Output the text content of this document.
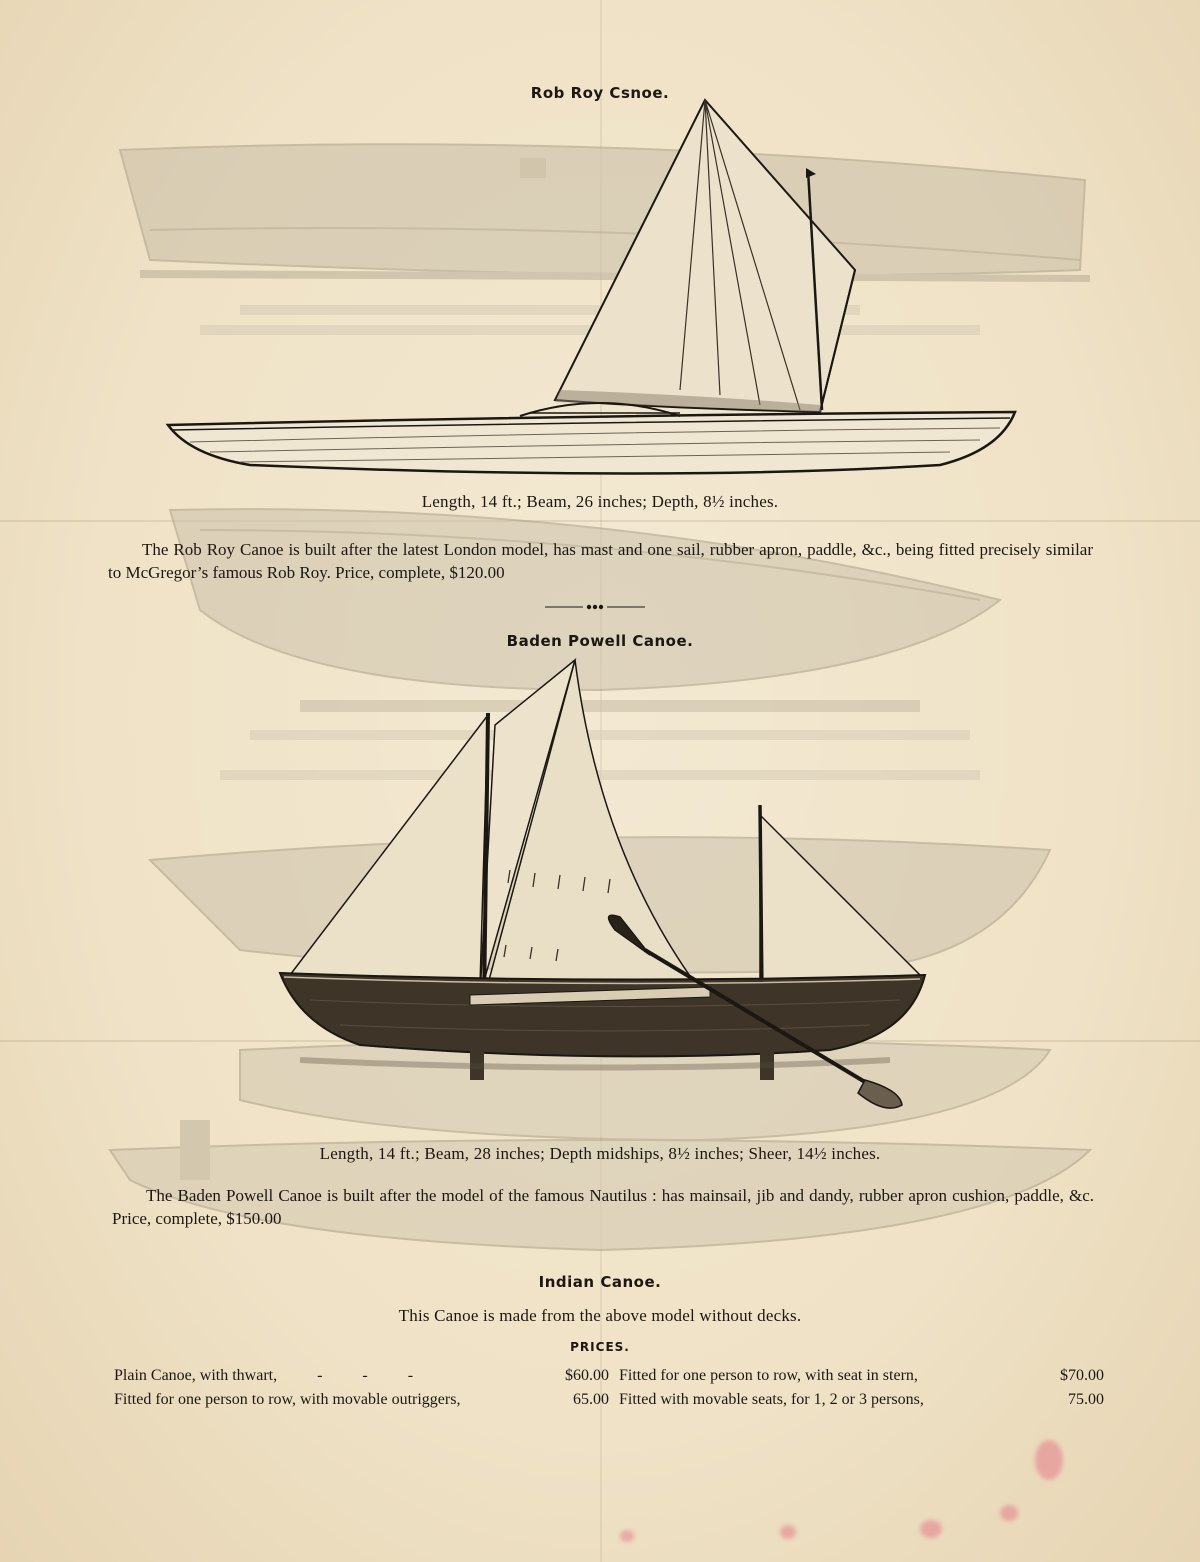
Rob Roy Csnoe.
Length, 14 ft.; Beam, 26 inches; Depth, 8½ inches.
The Rob Roy Canoe is built after the latest London model, has mast and one sail, rubber apron, paddle, &c., being fitted precisely similar to McGregor’s famous Rob Roy. Price, complete, $120.00
Baden Powell Canoe.
Length, 14 ft.; Beam, 28 inches; Depth midships, 8½ inches; Sheer, 14½ inches.
The Baden Powell Canoe is built after the model of the famous Nautilus : has mainsail, jib and dandy, rubber apron cushion, paddle, &c. Price, complete, $150.00
Indian Canoe.
This Canoe is made from the above model without decks.
PRICES.
Plain Canoe, with thwart,          -          -          -	$60.00 Fitted for one person to row, with seat in stern,	$70.00
Fitted for one person to row, with movable outriggers,	65.00 Fitted with movable seats, for 1, 2 or 3 persons,	75.00
